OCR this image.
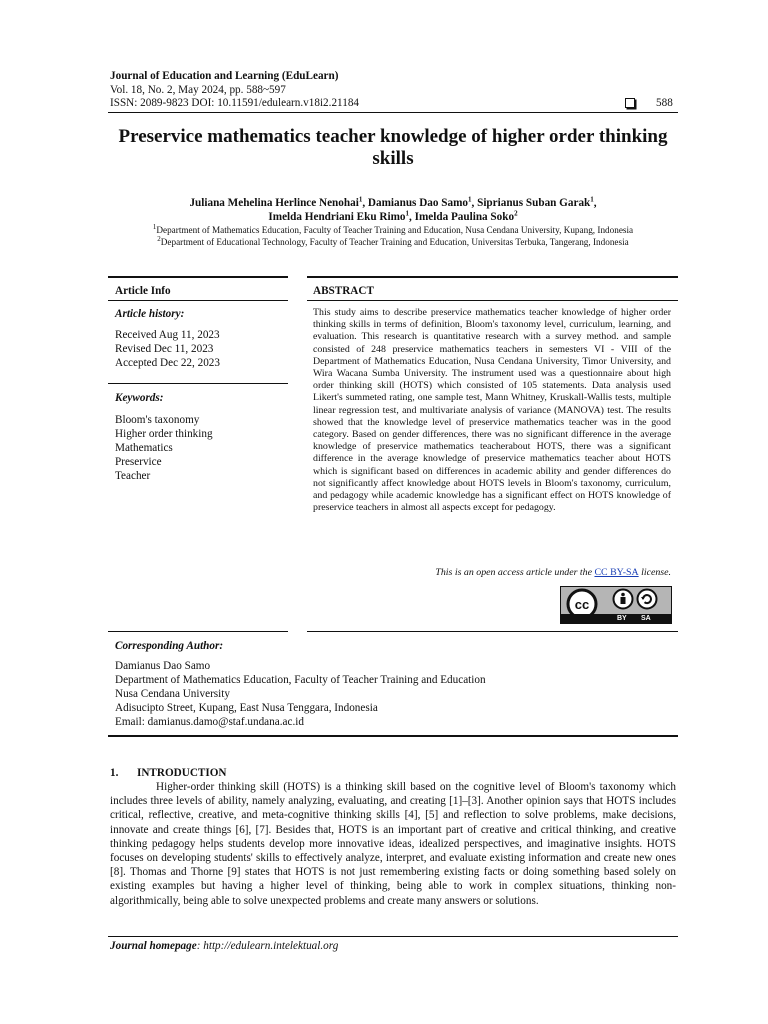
Journal of Education and Learning (EduLearn)
Vol. 18, No. 2, May 2024, pp. 588~597
ISSN: 2089-9823 DOI: 10.11591/edulearn.v18i2.21184	588
Preservice mathematics teacher knowledge of higher order thinking skills
Juliana Mehelina Herlince Nenohai$^1$, Damianus Dao Samo$^1$, Siprianus Suban Garak$^1$,
Imelda Hendriani Eku Rimo$^1$, Imelda Paulina Soko$^2$
$^1$Department of Mathematics Education, Faculty of Teacher Training and Education, Nusa Cendana University, Kupang, Indonesia
$^2$Department of Educational Technology, Faculty of Teacher Training and Education, Universitas Terbuka, Tangerang, Indonesia
Article Info	ABSTRACT
Article history:
Received Aug 11, 2023
Revised Dec 11, 2023
Accepted Dec 22, 2023
Keywords:
Bloom's taxonomy
Higher order thinking
Mathematics
Preservice
Teacher
This study aims to describe preservice mathematics teacher knowledge of higher order thinking skills in terms of definition, Bloom's taxonomy level, curriculum, learning, and evaluation. This research is quantitative research with a survey method. and sample consisted of 248 preservice mathematics teachers in semesters VI - VIII of the Department of Mathematics Education, Nusa Cendana University, Timor University, and Wira Wacana Sumba University. The instrument used was a questionnaire about high order thinking skill (HOTS) which consisted of 105 statements. Data analysis used Likert's summeted rating, one sample test, Mann Whitney, Kruskall-Wallis tests, multiple linear regression test, and multivariate analysis of variance (MANOVA) test. The results showed that the knowledge level of preservice mathematics teacher was in the good category. Based on gender differences, there was no significant difference in the average knowledge of preservice mathematics teacherabout HOTS, there was a significant difference in the average knowledge of preservice mathematics teacher about HOTS which is significant based on differences in academic ability and gender differences do not significantly affect knowledge about HOTS levels in Bloom's taxonomy, curriculum, and pedagogy while academic knowledge has a significant effect on HOTS knowledge of preservice teachers in almost all aspects except for pedagogy.
This is an open access article under the CC BY-SA license.
cc
BY SA
Corresponding Author:
Damianus Dao Samo
Department of Mathematics Education, Faculty of Teacher Training and Education
Nusa Cendana University
Adisucipto Street, Kupang, East Nusa Tenggara, Indonesia
Email: damianus.damo@staf.undana.ac.id
1. INTRODUCTION
Higher-order thinking skill (HOTS) is a thinking skill based on the cognitive level of Bloom's taxonomy which includes three levels of ability, namely analyzing, evaluating, and creating [1]–[3]. Another opinion says that HOTS includes critical, reflective, creative, and meta-cognitive thinking skills [4], [5] and reflection to solve problems, make decisions, innovate and create things [6], [7]. Besides that, HOTS is an important part of creative and critical thinking, and creative thinking pedagogy helps students develop more innovative ideas, idealized perspectives, and imaginative insights. HOTS focuses on developing students' skills to effectively analyze, interpret, and evaluate existing information and create new ones [8]. Thomas and Thorne [9] states that HOTS is not just remembering existing facts or doing something based solely on existing examples but having a higher level of thinking, being able to work in complex situations, thinking non-algorithmically, being able to solve unexpected problems and create many answers or solutions.
Journal homepage: http://edulearn.intelektual.org
